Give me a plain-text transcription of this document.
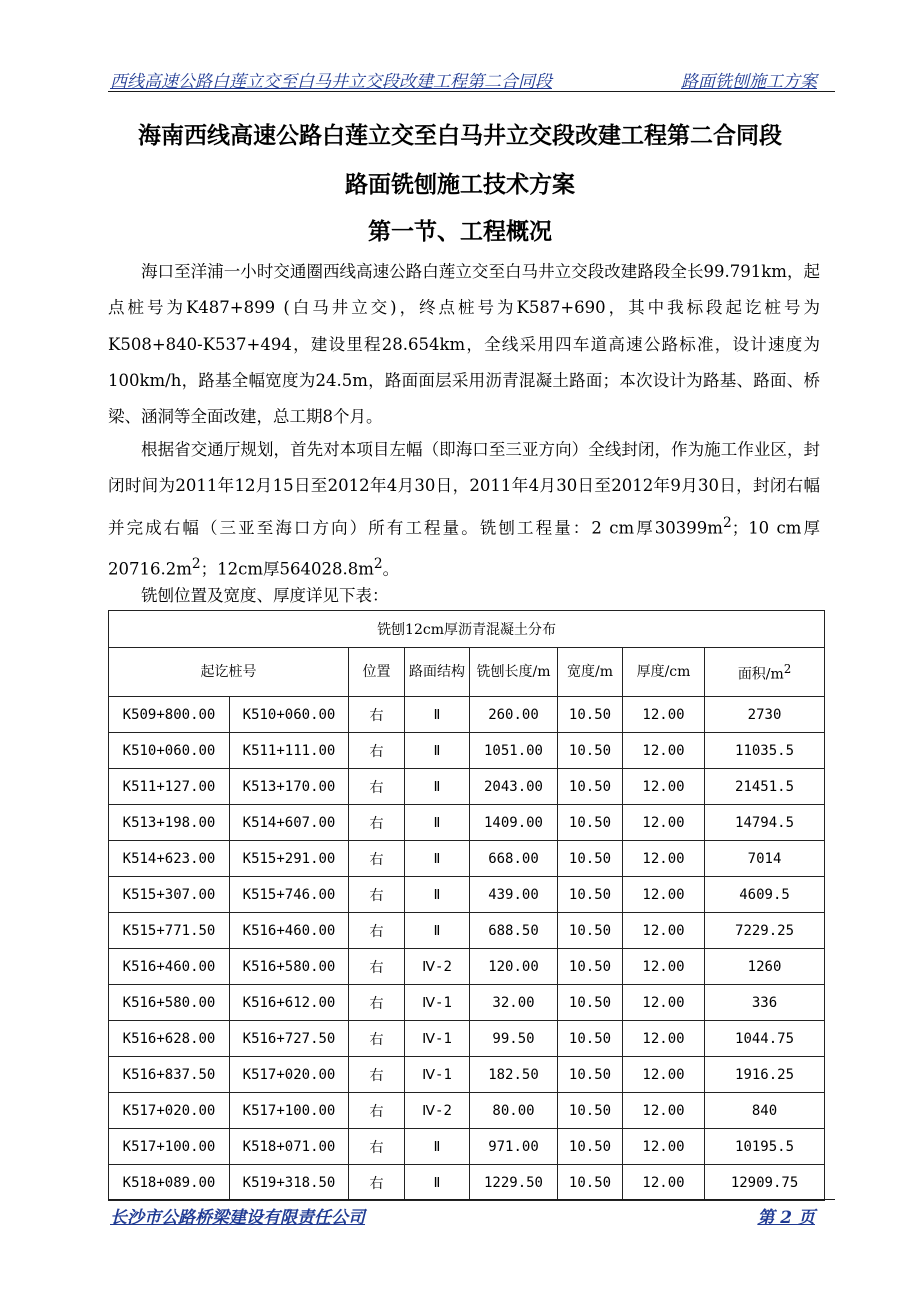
西线高速公路白莲立交至白马井立交段改建工程第二合同段	路面铣刨施工方案
海南西线高速公路白莲立交至白马井立交段改建工程第二合同段
路面铣刨施工技术方案
第一节、工程概况

海口至洋浦一小时交通圈西线高速公路白莲立交至白马井立交段改建路段全长99.791km，起点桩号为K487+899 (白马井立交)，终点桩号为K587+690，其中我标段起讫桩号为K508+840-K537+494，建设里程28.654km，全线采用四车道高速公路标准，设计速度为100km/h，路基全幅宽度为24.5m，路面面层采用沥青混凝土路面；本次设计为路基、路面、桥梁、涵洞等全面改建，总工期8个月。

根据省交通厅规划，首先对本项目左幅（即海口至三亚方向）全线封闭，作为施工作业区，封闭时间为2011年12月15日至2012年4月30日，2011年4月30日至2012年9月30日，封闭右幅并完成右幅（三亚至海口方向）所有工程量。铣刨工程量：2 cm厚$30399m^2$；10 cm厚$20716.2m^2$；12cm厚$564028.8m^2$。

铣刨位置及宽度、厚度详见下表：

铣刨12cm厚沥青混凝土分布							
起讫桩号		位置	路面结构	铣刨长度/m	宽度/m	厚度/cm	面积$/m^2$
K509+800.00	K510+060.00	右	Ⅱ	260.00	10.50	12.00	2730
K510+060.00	K511+111.00	右	Ⅱ	1051.00	10.50	12.00	11035.5
K511+127.00	K513+170.00	右	Ⅱ	2043.00	10.50	12.00	21451.5
K513+198.00	K514+607.00	右	Ⅱ	1409.00	10.50	12.00	14794.5
K514+623.00	K515+291.00	右	Ⅱ	668.00	10.50	12.00	7014
K515+307.00	K515+746.00	右	Ⅱ	439.00	10.50	12.00	4609.5
K515+771.50	K516+460.00	右	Ⅱ	688.50	10.50	12.00	7229.25
K516+460.00	K516+580.00	右	Ⅳ-2	120.00	10.50	12.00	1260
K516+580.00	K516+612.00	右	Ⅳ-1	32.00	10.50	12.00	336
K516+628.00	K516+727.50	右	Ⅳ-1	99.50	10.50	12.00	1044.75
K516+837.50	K517+020.00	右	Ⅳ-1	182.50	10.50	12.00	1916.25
K517+020.00	K517+100.00	右	Ⅳ-2	80.00	10.50	12.00	840
K517+100.00	K518+071.00	右	Ⅱ	971.00	10.50	12.00	10195.5
K518+089.00	K519+318.50	右	Ⅱ	1229.50	10.50	12.00	12909.75
长沙市公路桥梁建设有限责任公司	第 2 页
